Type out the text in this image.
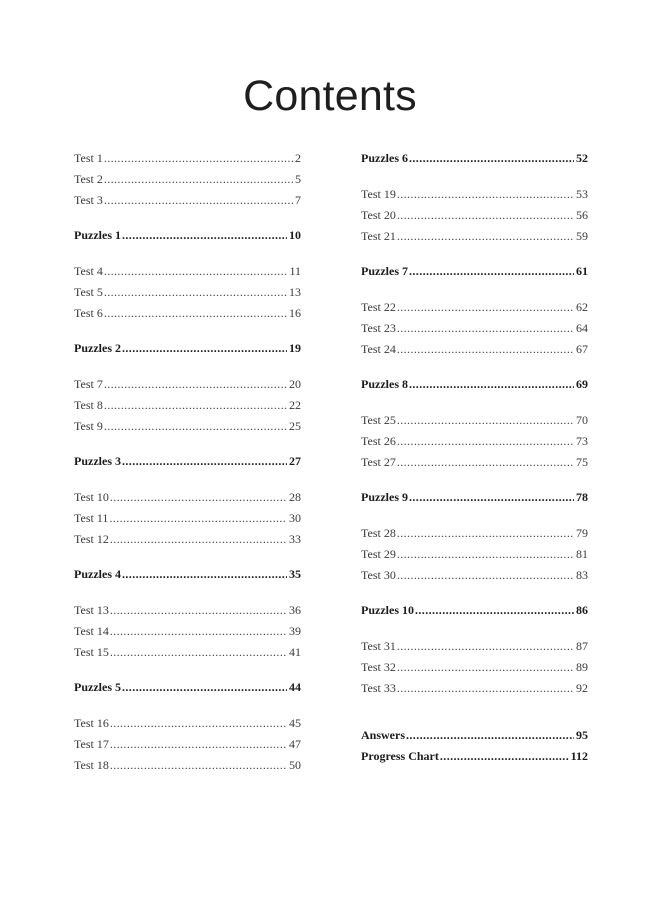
Contents
Test 1 .....	2
Test 2 .....	5
Test 3 .....	7
Puzzles 1 .....	10
Test 4 .....	11
Test 5 .....	13
Test 6 .....	16
Puzzles 2 .....	19
Test 7 .....	20
Test 8 .....	22
Test 9 .....	25
Puzzles 3 .....	27
Test 10 .....	28
Test 11 .....	30
Test 12 .....	33
Puzzles 4 .....	35
Test 13 .....	36
Test 14 .....	39
Test 15 .....	41
Puzzles 5 .....	44
Test 16 .....	45
Test 17 .....	47
Test 18 .....	50
Puzzles 6 .....	52
Test 19 .....	53
Test 20 .....	56
Test 21 .....	59
Puzzles 7 .....	61
Test 22 .....	62
Test 23 .....	64
Test 24 .....	67
Puzzles 8 .....	69
Test 25 .....	70
Test 26 .....	73
Test 27 .....	75
Puzzles 9 .....	78
Test 28 .....	79
Test 29 .....	81
Test 30 .....	83
Puzzles 10 .....	86
Test 31 .....	87
Test 32 .....	89
Test 33 .....	92
Answers .....	95
Progress Chart .....	112
